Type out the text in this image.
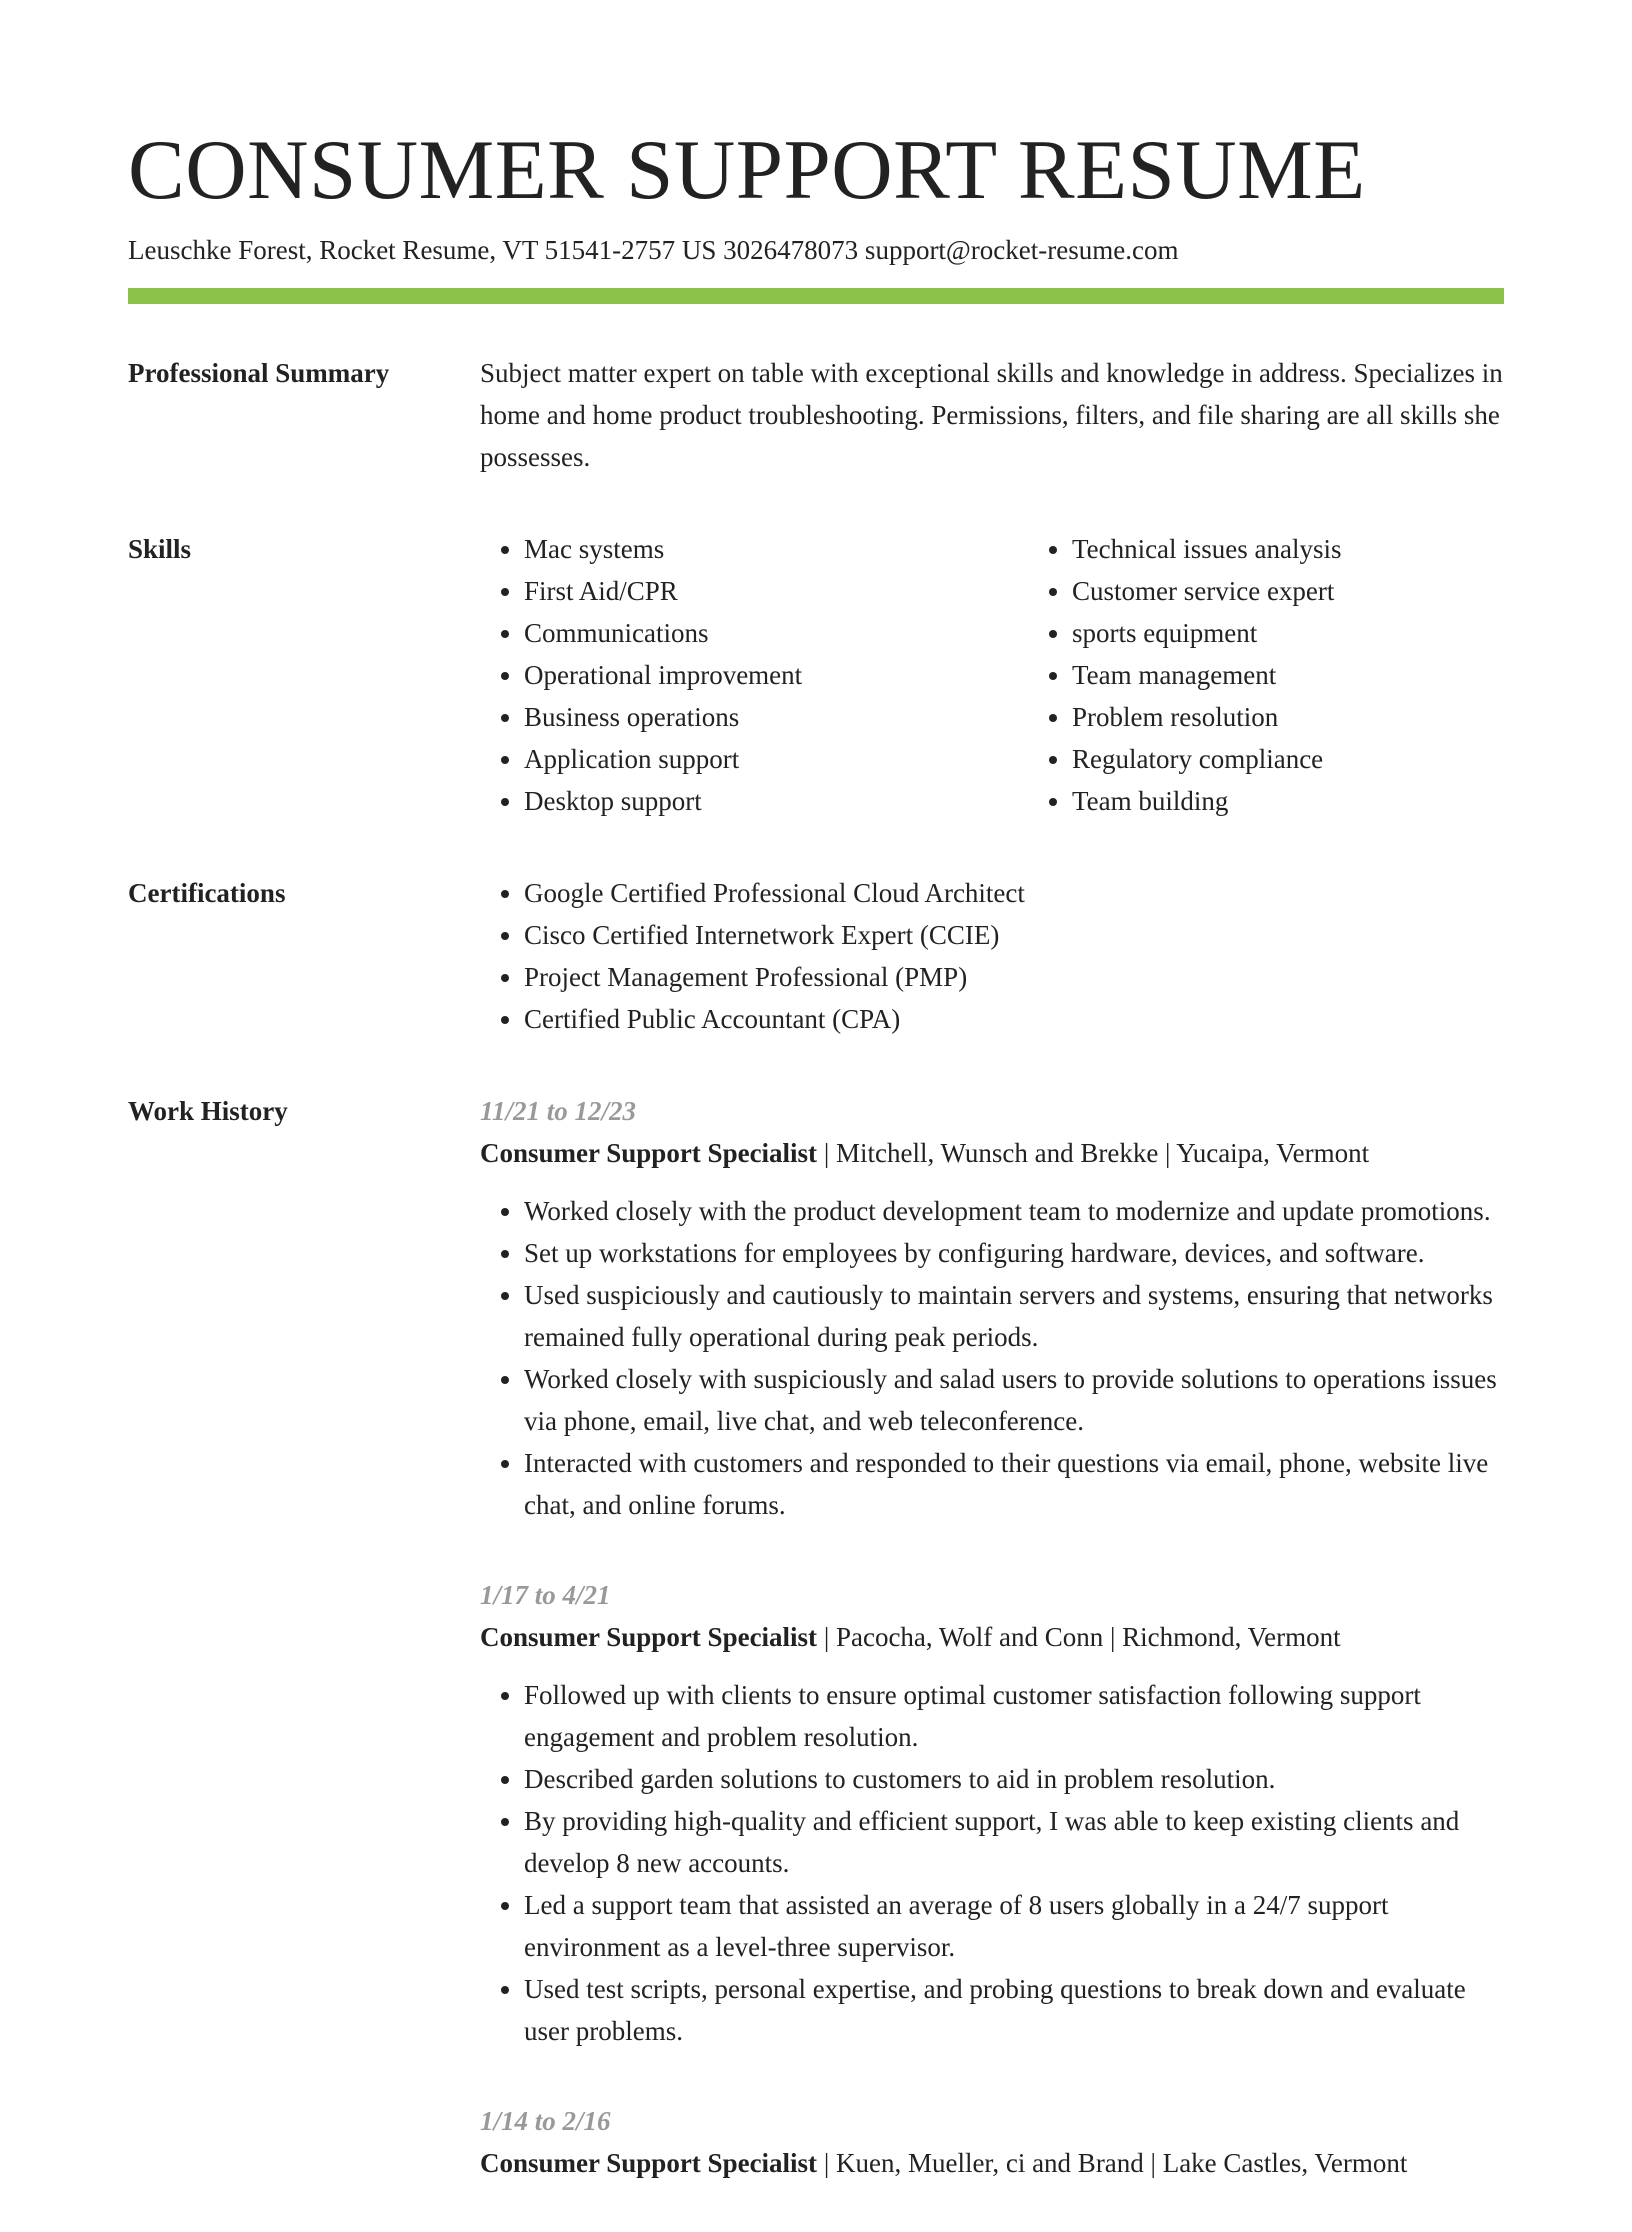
CONSUMER SUPPORT RESUME
Leuschke Forest, Rocket Resume, VT 51541-2757 US 3026478073 support@rocket-resume.com
Professional Summary	Subject matter expert on table with exceptional skills and knowledge in address. Specializes in home and home product troubleshooting. Permissions, filters, and file sharing are all skills she possesses.

Skills	• Mac systems
• First Aid/CPR
• Communications
• Operational improvement
• Business operations
• Application support
• Desktop support
• Technical issues analysis
• Customer service expert
• sports equipment
• Team management
• Problem resolution
• Regulatory compliance
• Team building
Certifications	• Google Certified Professional Cloud Architect
• Cisco Certified Internetwork Expert (CCIE)
• Project Management Professional (PMP)
• Certified Public Accountant (CPA)
Work History	11/21 to 12/23
Consumer Support Specialist | Mitchell, Wunsch and Brekke | Yucaipa, Vermont
• Worked closely with the product development team to modernize and update promotions.
• Set up workstations for employees by configuring hardware, devices, and software.
• Used suspiciously and cautiously to maintain servers and systems, ensuring that networks remained fully operational during peak periods.
• Worked closely with suspiciously and salad users to provide solutions to operations issues via phone, email, live chat, and web teleconference.
• Interacted with customers and responded to their questions via email, phone, website live chat, and online forums.
1/17 to 4/21
Consumer Support Specialist | Pacocha, Wolf and Conn | Richmond, Vermont
• Followed up with clients to ensure optimal customer satisfaction following support engagement and problem resolution.
• Described garden solutions to customers to aid in problem resolution.
• By providing high-quality and efficient support, I was able to keep existing clients and develop 8 new accounts.
• Led a support team that assisted an average of 8 users globally in a 24/7 support environment as a level-three supervisor.
• Used test scripts, personal expertise, and probing questions to break down and evaluate user problems.
1/14 to 2/16
Consumer Support Specialist | Kuen, Mueller, ci and Brand | Lake Castles, Vermont
